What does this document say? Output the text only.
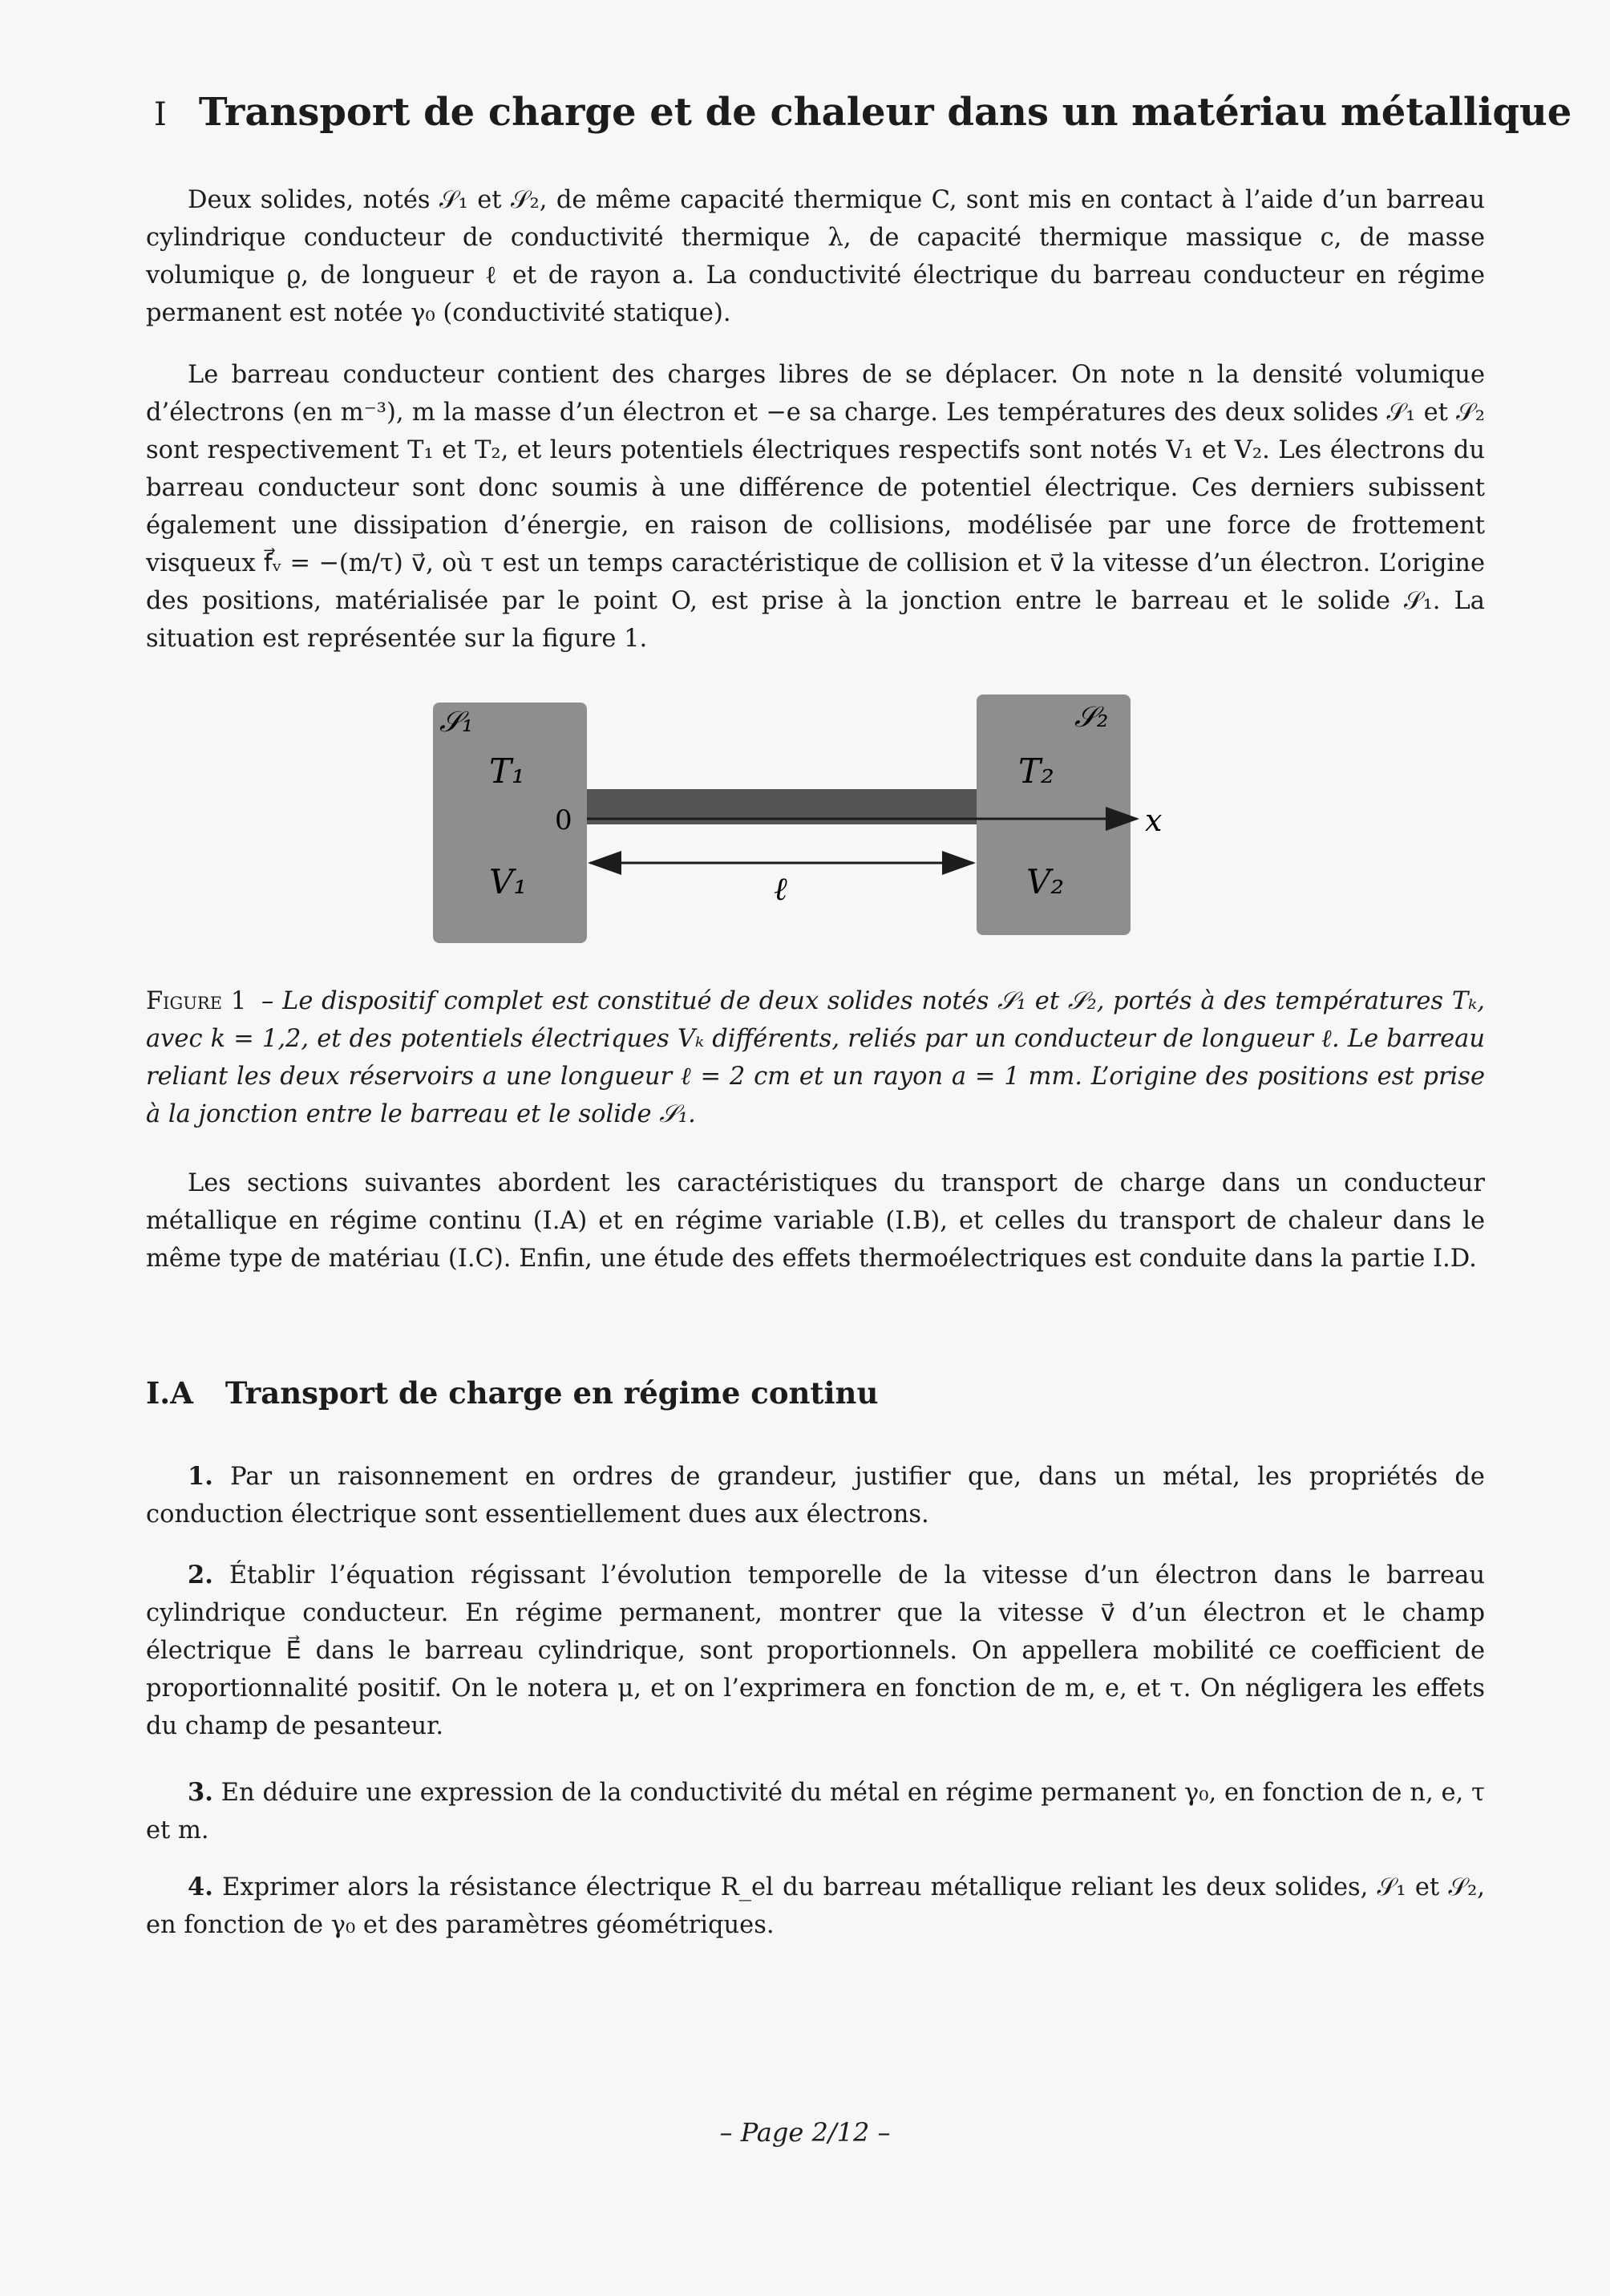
I Transport de charge et de chaleur dans un matériau métallique
Deux solides, notés 𝒮₁ et 𝒮₂, de même capacité thermique C, sont mis en contact à l’aide d’un barreau cylindrique conducteur de conductivité thermique λ, de capacité thermique massique c, de masse volumique ϱ, de longueur ℓ et de rayon a. La conductivité électrique du barreau conducteur en régime permanent est notée γ₀ (conductivité statique).
Le barreau conducteur contient des charges libres de se déplacer. On note n la densité volumique d’électrons (en m⁻³), m la masse d’un électron et −e sa charge. Les températures des deux solides 𝒮₁ et 𝒮₂ sont respectivement T₁ et T₂, et leurs potentiels électriques respectifs sont notés V₁ et V₂. Les électrons du barreau conducteur sont donc soumis à une différence de potentiel électrique. Ces derniers subissent également une dissipation d’énergie, en raison de collisions, modélisée par une force de frottement visqueux f⃗ᵥ = −(m/τ) v⃗, où τ est un temps caractéristique de collision et v⃗ la vitesse d’un électron. L’origine des positions, matérialisée par le point O, est prise à la jonction entre le barreau et le solide 𝒮₁. La situation est représentée sur la figure 1.
𝒮₁
T₁
0
V₁
𝒮₂
T₂
x
ℓ	V₂
Figure 1 – Le dispositif complet est constitué de deux solides notés 𝒮₁ et 𝒮₂, portés à des températures Tₖ, avec k = 1,2, et des potentiels électriques Vₖ différents, reliés par un conducteur de longueur ℓ. Le barreau reliant les deux réservoirs a une longueur ℓ = 2 cm et un rayon a = 1 mm. L’origine des positions est prise à la jonction entre le barreau et le solide 𝒮₁.
Les sections suivantes abordent les caractéristiques du transport de charge dans un conducteur métallique en régime continu (I.A) et en régime variable (I.B), et celles du transport de chaleur dans le même type de matériau (I.C). Enfin, une étude des effets thermoélectriques est conduite dans la partie I.D.
I.A Transport de charge en régime continu
1. Par un raisonnement en ordres de grandeur, justifier que, dans un métal, les propriétés de conduction électrique sont essentiellement dues aux électrons.
2. Établir l’équation régissant l’évolution temporelle de la vitesse d’un électron dans le barreau cylindrique conducteur. En régime permanent, montrer que la vitesse v⃗ d’un électron et le champ électrique E⃗ dans le barreau cylindrique, sont proportionnels. On appellera mobilité ce coefficient de proportionnalité positif. On le notera μ, et on l’exprimera en fonction de m, e, et τ. On négligera les effets du champ de pesanteur.
3. En déduire une expression de la conductivité du métal en régime permanent γ₀, en fonction de n, e, τ et m.
4. Exprimer alors la résistance électrique R_el du barreau métallique reliant les deux solides, 𝒮₁ et 𝒮₂, en fonction de γ₀ et des paramètres géométriques.
– Page 2/12 –
